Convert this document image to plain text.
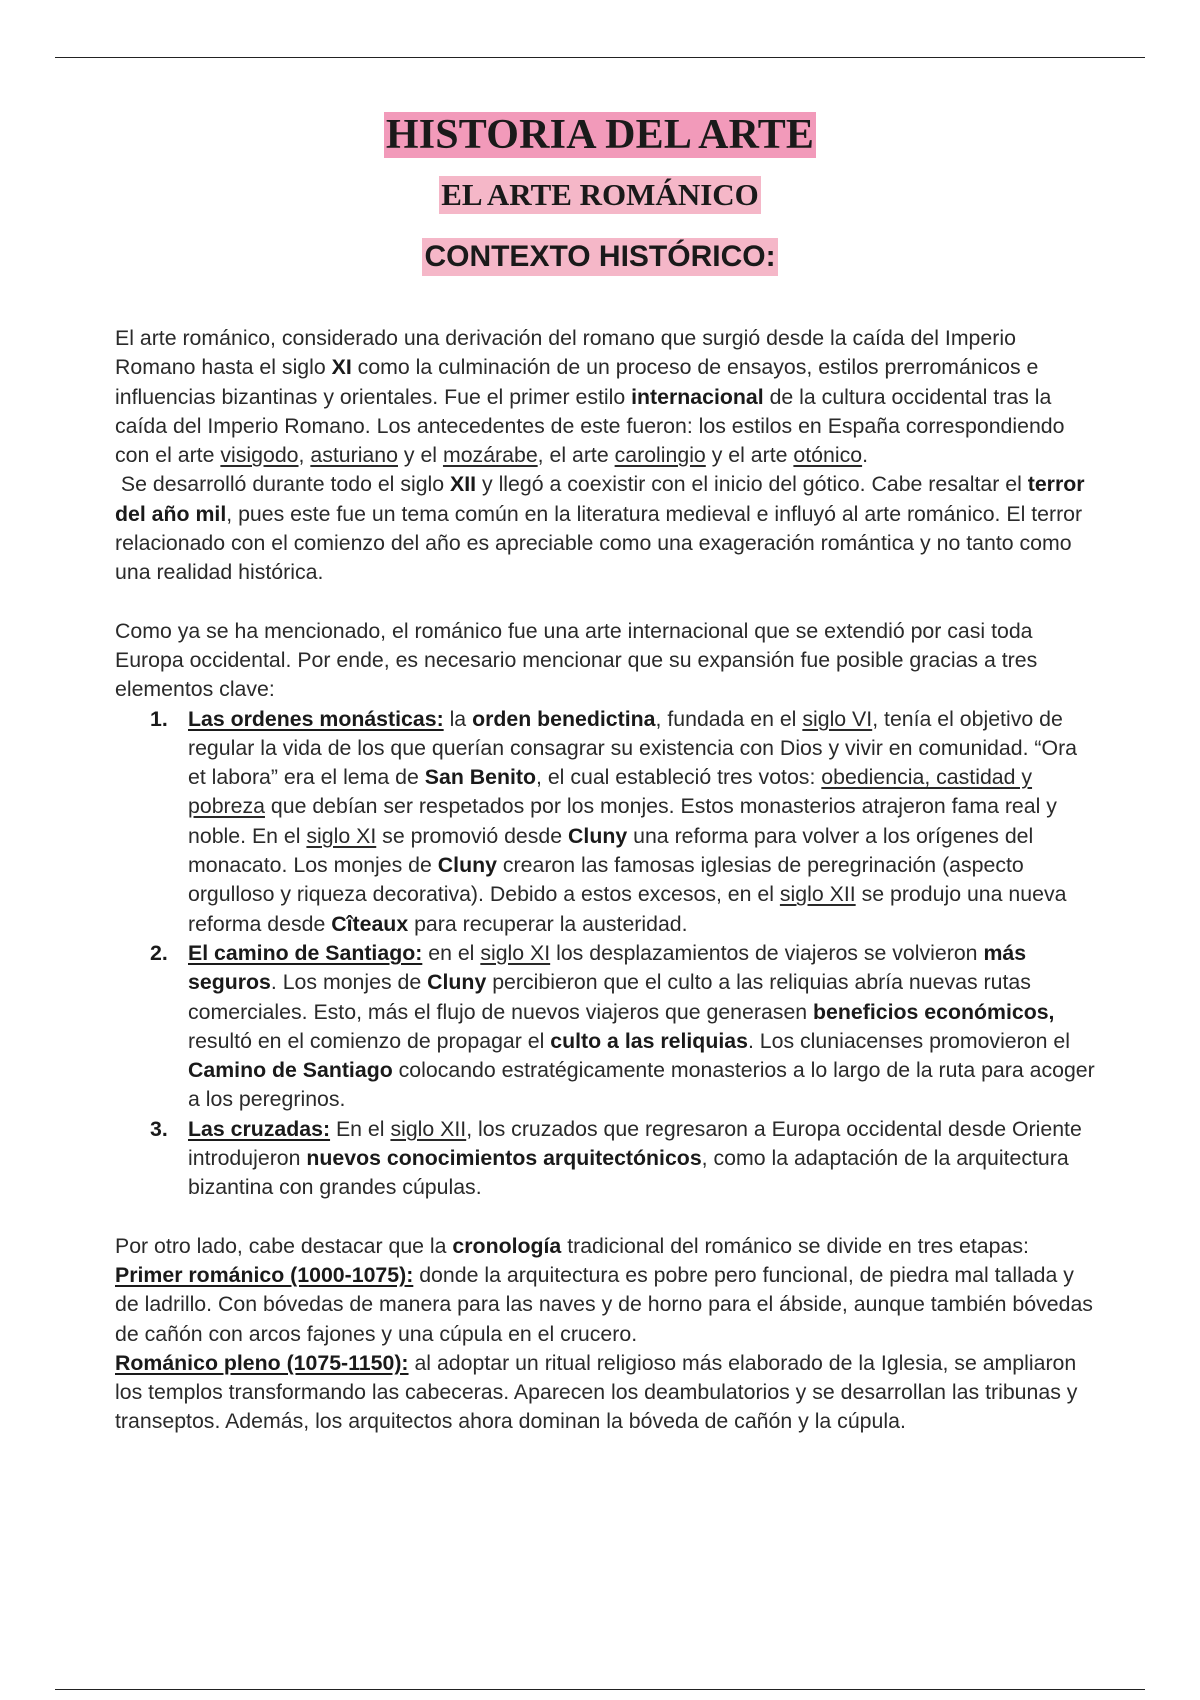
HISTORIA DEL ARTE
EL ARTE ROMÁNICO
CONTEXTO HISTÓRICO:

El arte románico, considerado una derivación del romano que surgió desde la caída del Imperio Romano hasta el siglo XI como la culminación de un proceso de ensayos, estilos prerrománicos e influencias bizantinas y orientales. Fue el primer estilo internacional de la cultura occidental tras la caída del Imperio Romano. Los antecedentes de este fueron: los estilos en España correspondiendo con el arte visigodo, asturiano y el mozárabe, el arte carolingio y el arte otónico.

Se desarrolló durante todo el siglo XII y llegó a coexistir con el inicio del gótico. Cabe resaltar el terror del año mil, pues este fue un tema común en la literatura medieval e influyó al arte románico. El terror relacionado con el comienzo del año es apreciable como una exageración romántica y no tanto como una realidad histórica.

Como ya se ha mencionado, el románico fue una arte internacional que se extendió por casi toda Europa occidental. Por ende, es necesario mencionar que su expansión fue posible gracias a tres elementos clave:

1. Las ordenes monásticas: la orden benedictina, fundada en el siglo VI, tenía el objetivo de regular la vida de los que querían consagrar su existencia con Dios y vivir en comunidad. “Ora et labora” era el lema de San Benito, el cual estableció tres votos: obediencia, castidad y pobreza que debían ser respetados por los monjes. Estos monasterios atrajeron fama real y noble. En el siglo XI se promovió desde Cluny una reforma para volver a los orígenes del monacato. Los monjes de Cluny crearon las famosas iglesias de peregrinación (aspecto orgulloso y riqueza decorativa). Debido a estos excesos, en el siglo XII se produjo una nueva reforma desde Cîteaux para recuperar la austeridad.
2. El camino de Santiago: en el siglo XI los desplazamientos de viajeros se volvieron más seguros. Los monjes de Cluny percibieron que el culto a las reliquias abría nuevas rutas comerciales. Esto, más el flujo de nuevos viajeros que generasen beneficios económicos, resultó en el comienzo de propagar el culto a las reliquias. Los cluniacenses promovieron el Camino de Santiago colocando estratégicamente monasterios a lo largo de la ruta para acoger a los peregrinos.
3. Las cruzadas: En el siglo XII, los cruzados que regresaron a Europa occidental desde Oriente introdujeron nuevos conocimientos arquitectónicos, como la adaptación de la arquitectura bizantina con grandes cúpulas.

Por otro lado, cabe destacar que la cronología tradicional del románico se divide en tres etapas:

Primer románico (1000-1075): donde la arquitectura es pobre pero funcional, de piedra mal tallada y de ladrillo. Con bóvedas de manera para las naves y de horno para el ábside, aunque también bóvedas de cañón con arcos fajones y una cúpula en el crucero.

Románico pleno (1075-1150): al adoptar un ritual religioso más elaborado de la Iglesia, se ampliaron los templos transformando las cabeceras. Aparecen los deambulatorios y se desarrollan las tribunas y transeptos. Además, los arquitectos ahora dominan la bóveda de cañón y la cúpula.
